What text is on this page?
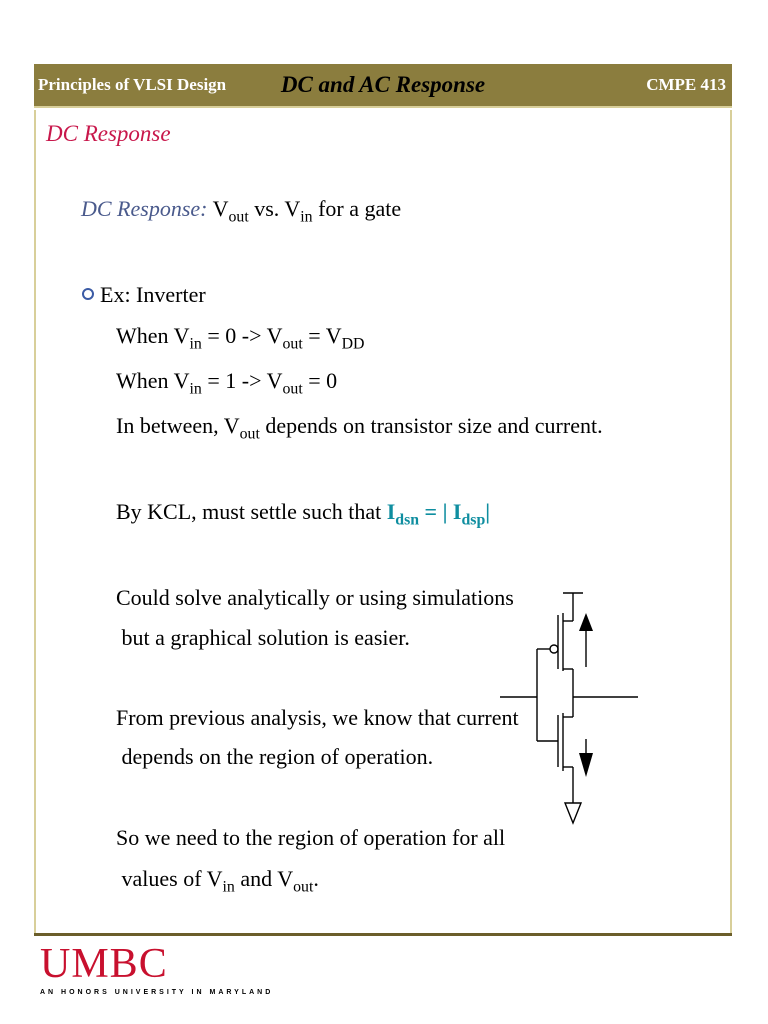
Principles of VLSI Design	DC and AC Response	CMPE 413
DC Response
DC Response: $V_{out}$ vs. $V_{in}$ for a gate
Ex: Inverter
When $V_{in} = 0 -> V_{out} = V_{DD}$
When $V_{in} = 1 -> V_{out} = 0$
In between, $V_{out}$ depends on transistor size and current.
By KCL, must settle such that $I_{dsn}$ = | $I_{dsp}|$
Could solve analytically or using simulations
but a graphical solution is easier.
From previous analysis, we know that current
depends on the region of operation.
So we need to the region of operation for all
values of $V_{in}$ and $V_{out}$.
UMBC
AN HONORS UNIVERSITY IN MARYLAND
